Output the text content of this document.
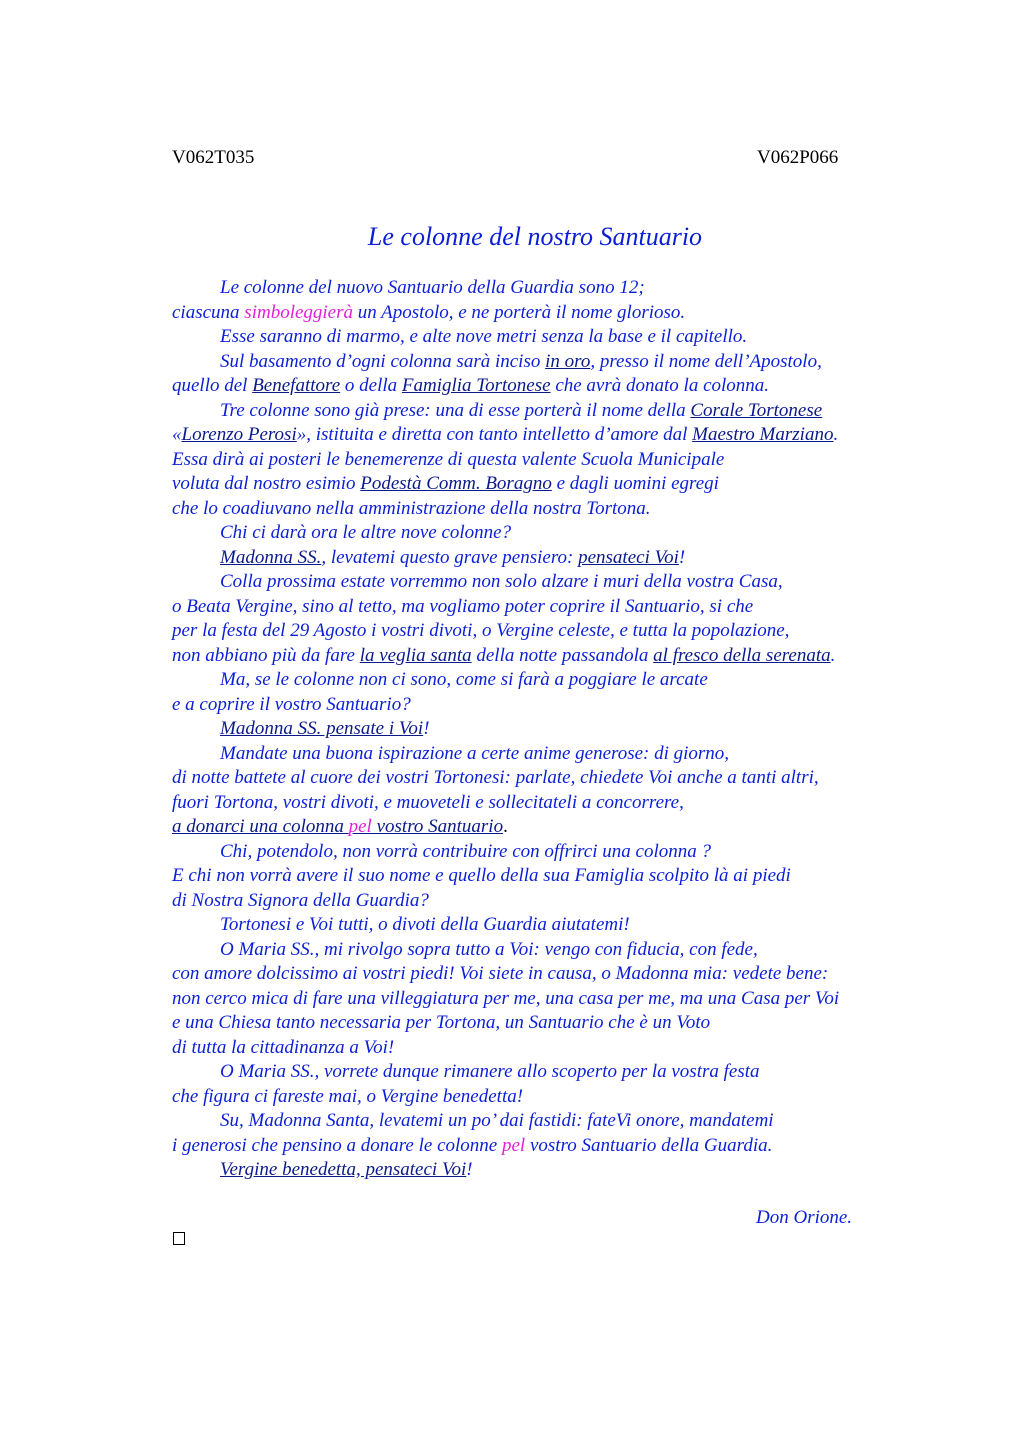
V062T035	V062P066
Le colonne del nostro Santuario
Le colonne del nuovo Santuario della Guardia sono 12;
ciascuna simboleggierà un Apostolo, e ne porterà il nome glorioso.
Esse saranno di marmo, e alte nove metri senza la base e il capitello.
Sul basamento d’ogni colonna sarà inciso in oro, presso il nome dell’Apostolo,
quello del Benefattore o della Famiglia Tortonese che avrà donato la colonna.
Tre colonne sono già prese: una di esse porterà il nome della Corale Tortonese
«Lorenzo Perosi», istituita e diretta con tanto intelletto d’amore dal Maestro Marziano.
Essa dirà ai posteri le benemerenze di questa valente Scuola Municipale
voluta dal nostro esimio Podestà Comm. Boragno e dagli uomini egregi
che lo coadiuvano nella amministrazione della nostra Tortona.
Chi ci darà ora le altre nove colonne?
Madonna SS., levatemi questo grave pensiero: pensateci Voi!
Colla prossima estate vorremmo non solo alzare i muri della vostra Casa,
o Beata Vergine, sino al tetto, ma vogliamo poter coprire il Santuario, si che
per la festa del 29 Agosto i vostri divoti, o Vergine celeste, e tutta la popolazione,
non abbiano più da fare la veglia santa della notte passandola al fresco della serenata.
Ma, se le colonne non ci sono, come si farà a poggiare le arcate
e a coprire il vostro Santuario?
Madonna SS. pensate i Voi!
Mandate una buona ispirazione a certe anime generose: di giorno,
di notte battete al cuore dei vostri Tortonesi: parlate, chiedete Voi anche a tanti altri,
fuori Tortona, vostri divoti, e muoveteli e sollecitateli a concorrere,
a donarci una colonna pel vostro Santuario.
Chi, potendolo, non vorrà contribuire con offrirci una colonna ?
E chi non vorrà avere il suo nome e quello della sua Famiglia scolpito là ai piedi
di Nostra Signora della Guardia?
Tortonesi e Voi tutti, o divoti della Guardia aiutatemi!
O Maria SS., mi rivolgo sopra tutto a Voi: vengo con fiducia, con fede,
con amore dolcissimo ai vostri piedi! Voi siete in causa, o Madonna mia: vedete bene:
non cerco mica di fare una villeggiatura per me, una casa per me, ma una Casa per Voi
e una Chiesa tanto necessaria per Tortona, un Santuario che è un Voto
di tutta la cittadinanza a Voi!
O Maria SS., vorrete dunque rimanere allo scoperto per la vostra festa
che figura ci fareste mai, o Vergine benedetta!
Su, Madonna Santa, levatemi un po’ dai fastidi: fateVi onore, mandatemi
i generosi che pensino a donare le colonne pel vostro Santuario della Guardia.
Vergine benedetta, pensateci Voi!
Don Orione.
